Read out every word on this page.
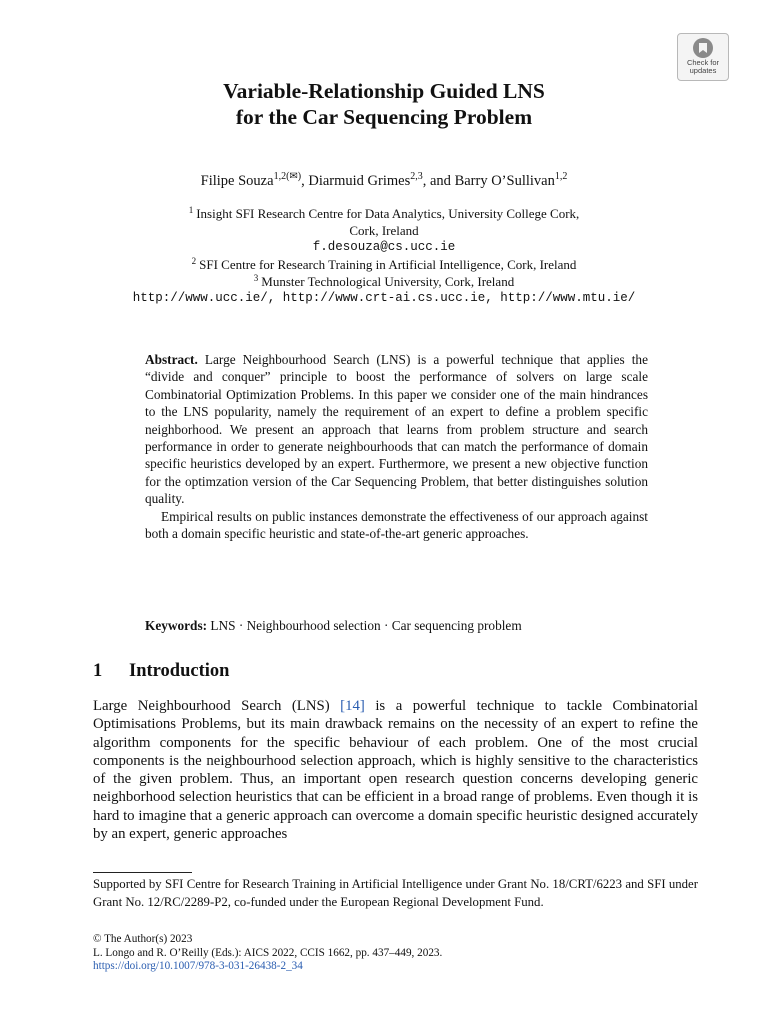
Check for
updates
Variable-Relationship Guided LNS
for the Car Sequencing Problem
Filipe Souza$^{1,2(✉)}$, Diarmuid Grimes$^{2,3}$, and Barry O’Sullivan$^{1,2}$
$^1$ Insight SFI Research Centre for Data Analytics, University College Cork,
Cork, Ireland
f.desouza@cs.ucc.ie
$^2$ SFI Centre for Research Training in Artificial Intelligence, Cork, Ireland
$^3$ Munster Technological University, Cork, Ireland
http://www.ucc.ie/, http://www.crt-ai.cs.ucc.ie, http://www.mtu.ie/

Abstract. Large Neighbourhood Search (LNS) is a powerful technique that applies the “divide and conquer” principle to boost the performance of solvers on large scale Combinatorial Optimization Problems. In this paper we consider one of the main hindrances to the LNS popularity, namely the requirement of an expert to define a problem specific neighborhood. We present an approach that learns from problem structure and search performance in order to generate neighbourhoods that can match the performance of domain specific heuristics developed by an expert. Furthermore, we present a new objective function for the optimzation version of the Car Sequencing Problem, that better distinguishes solution quality.

Empirical results on public instances demonstrate the effectiveness of our approach against both a domain specific heuristic and state-of-the-art generic approaches.

Keywords: LNS · Neighbourhood selection · Car sequencing problem
1 Introduction

Large Neighbourhood Search (LNS) [14] is a powerful technique to tackle Combinatorial Optimisations Problems, but its main drawback remains on the necessity of an expert to refine the algorithm components for the specific behaviour of each problem. One of the most crucial components is the neighbourhood selection approach, which is highly sensitive to the characteristics of the given problem. Thus, an important open research question concerns developing generic neighborhood selection heuristics that can be efficient in a broad range of problems. Even though it is hard to imagine that a generic approach can overcome a domain specific heuristic designed accurately by an expert, generic approaches

Supported by SFI Centre for Research Training in Artificial Intelligence under Grant No. 18/CRT/6223 and SFI under Grant No. 12/RC/2289-P2, co-funded under the European Regional Development Fund.
© The Author(s) 2023
L. Longo and R. O’Reilly (Eds.): AICS 2022, CCIS 1662, pp. 437–449, 2023.
https://doi.org/10.1007/978-3-031-26438-2_34
